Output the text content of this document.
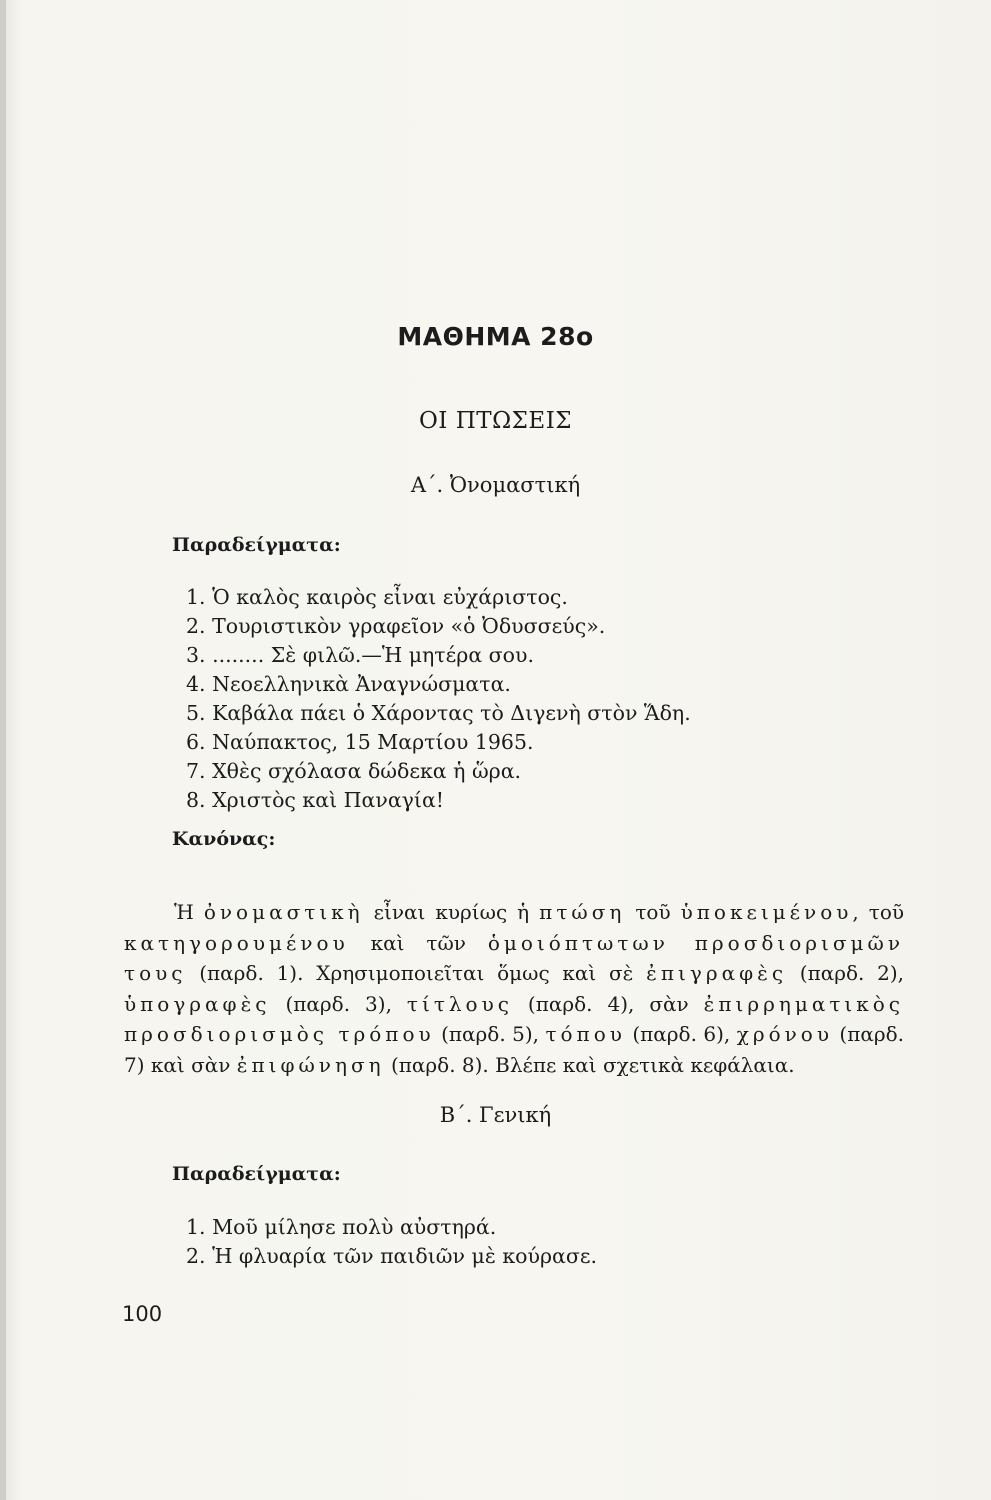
ΜΑΘΗΜΑ 28ο
ΟΙ ΠΤΩΣΕΙΣ
Α΄. Ὀνομαστική
Παραδείγματα:
1. Ὁ καλὸς καιρὸς εἶναι εὐχάριστος.
2. Τουριστικὸν γραφεῖον «ὁ Ὀδυσσεύς».
3. ........ Σὲ φιλῶ.—Ἡ μητέρα σου.
4. Νεοελληνικὰ Ἀναγνώσματα.
5. Καβάλα πάει ὁ Χάροντας τὸ Διγενὴ στὸν Ἅδη.
6. Ναύπακτος, 15 Μαρτίου 1965.
7. Χθὲς σχόλασα δώδεκα ἡ ὥρα.
8. Χριστὸς καὶ Παναγία!
Κανόνας:

Ἡ ὀνομαστικὴ εἶναι κυρίως ἡ πτώση τοῦ ὑποκειμένου, τοῦ κατηγορουμένου καὶ τῶν ὁμοιόπτωτων προσδιορισμῶν τους (παρδ. 1). Χρησιμοποιεῖται ὅμως καὶ σὲ ἐπιγραφὲς (παρδ. 2), ὑπογραφὲς (παρδ. 3), τίτλους (παρδ. 4), σὰν ἐπιρρηματικὸς προσδιορισμὸς τρόπου (παρδ. 5), τόπου (παρδ. 6), χρόνου (παρδ. 7) καὶ σὰν ἐπιφώνηση (παρδ. 8). Βλέπε καὶ σχετικὰ κεφάλαια.

Β΄. Γενική
Παραδείγματα:
1. Μοῦ μίλησε πολὺ αὐστηρά.
2. Ἡ φλυαρία τῶν παιδιῶν μὲ κούρασε.
100
